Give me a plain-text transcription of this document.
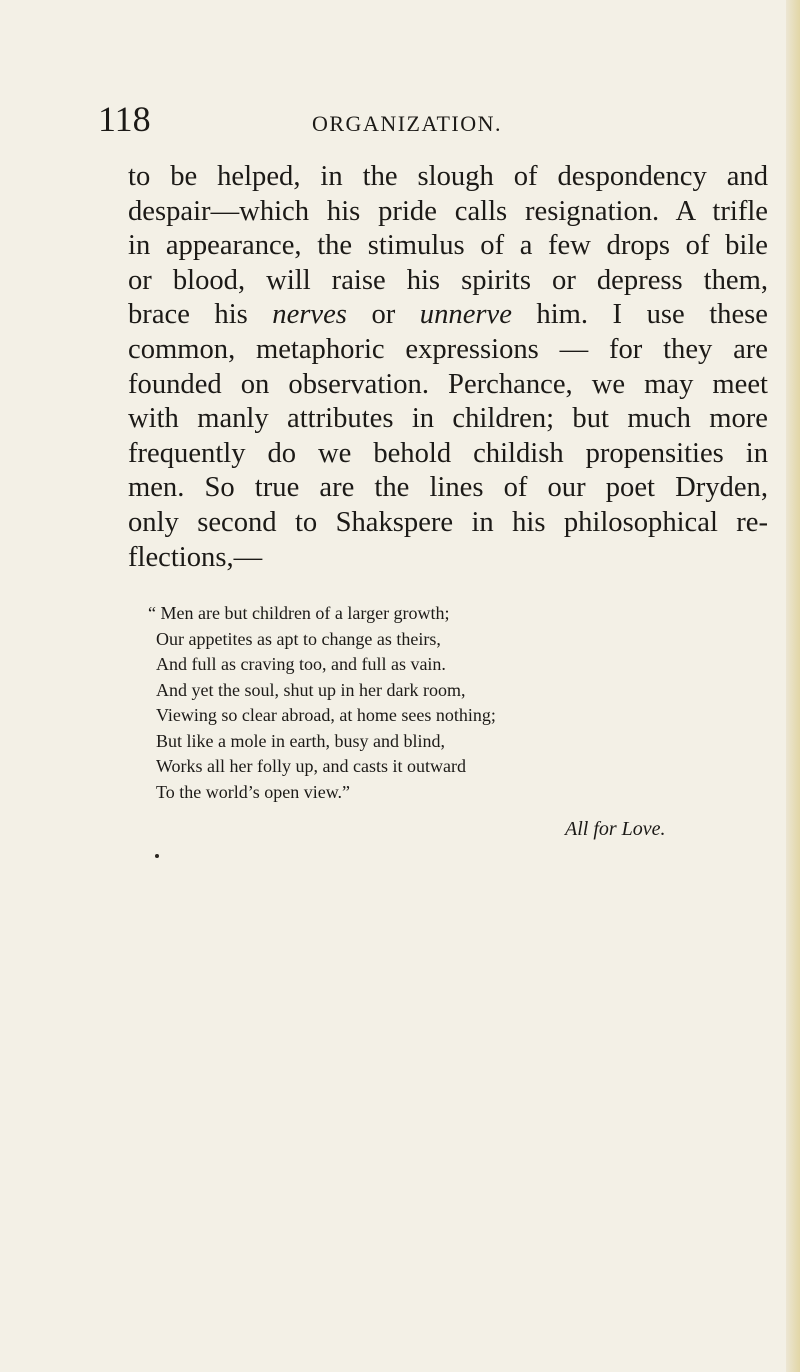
118	ORGANIZATION.
to be helped, in the slough of despondency and
despair—which his pride calls resignation. A trifle
in appearance, the stimulus of a few drops of bile
or blood, will raise his spirits or depress them,
brace his nerves or unnerve him. I use these
common, metaphoric expressions — for they are
founded on observation. Perchance, we may meet
with manly attributes in children; but much more
frequently do we behold childish propensities in
men. So true are the lines of our poet Dryden,
only second to Shakspere in his philosophical re-
flections,—
“ Men are but children of a larger growth;
Our appetites as apt to change as theirs,
And full as craving too, and full as vain.
And yet the soul, shut up in her dark room,
Viewing so clear abroad, at home sees nothing;
But like a mole in earth, busy and blind,
Works all her folly up, and casts it outward
To the world’s open view.”
All for Love.
